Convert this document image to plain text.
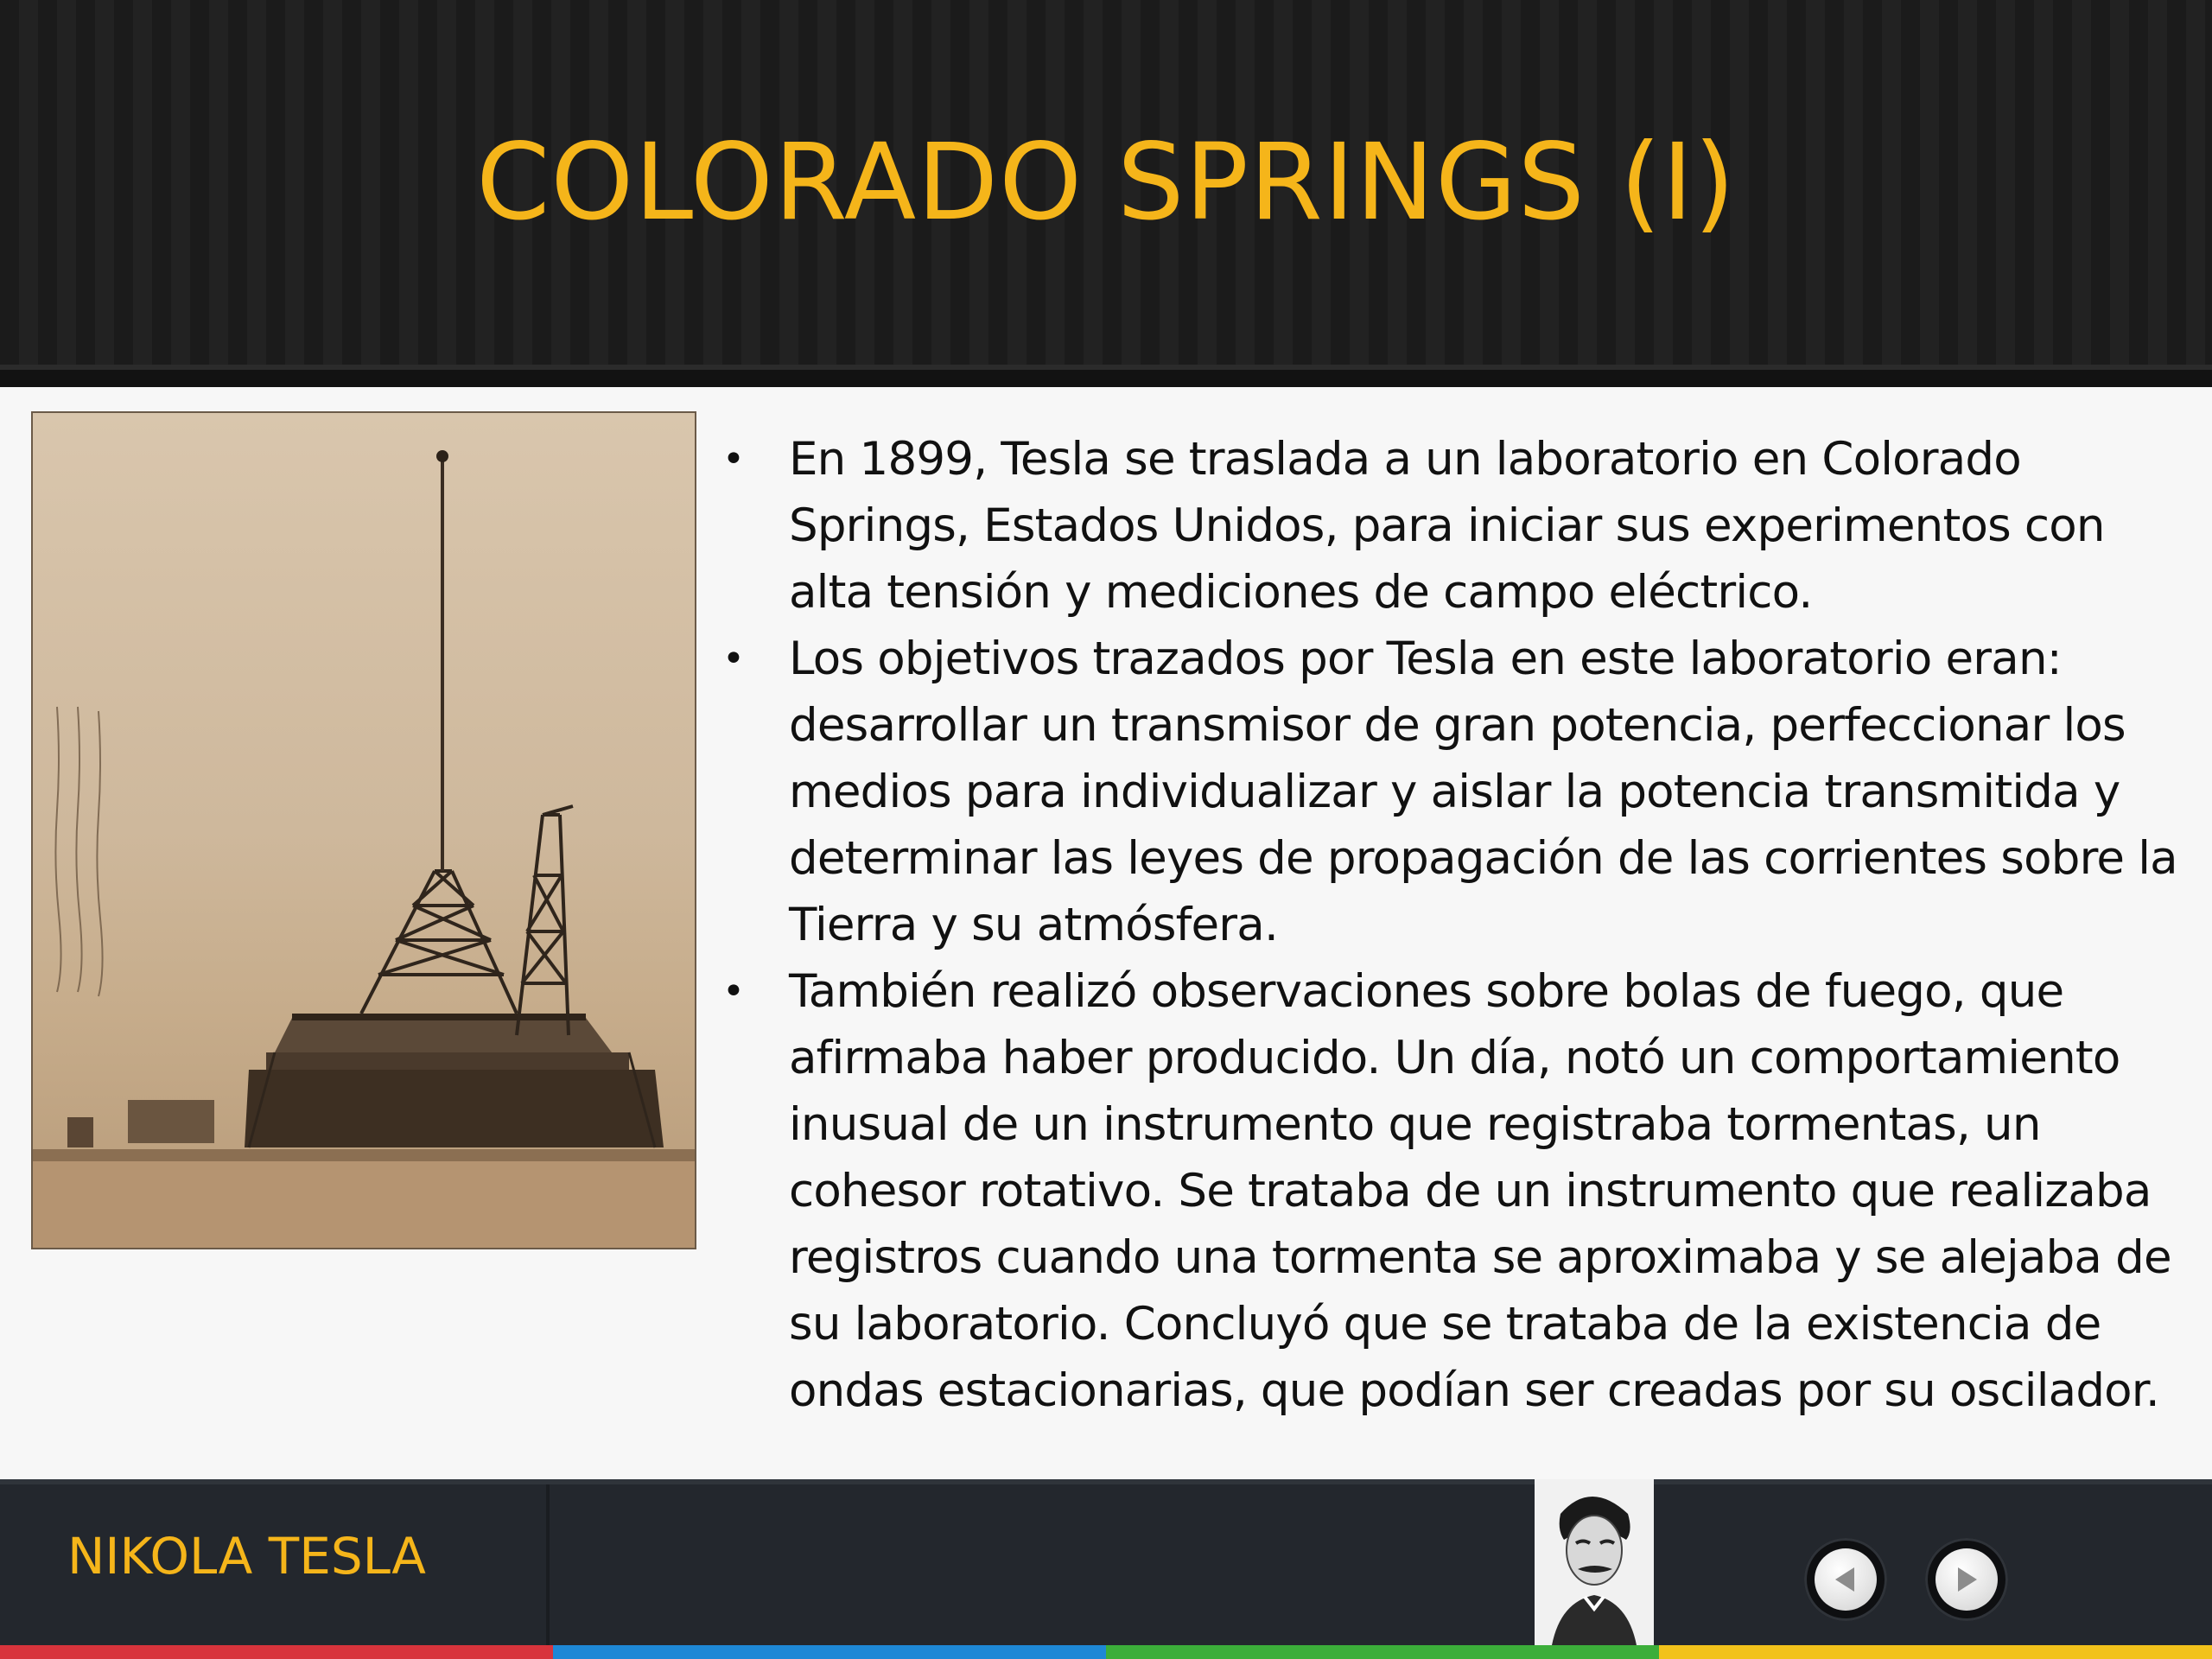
COLORADO SPRINGS (I)
• En 1899, Tesla se traslada a un laboratorio en Colorado Springs, Estados Unidos, para iniciar sus experimentos con alta tensión y mediciones de campo eléctrico.
• Los objetivos trazados por Tesla en este laboratorio eran: desarrollar un transmisor de gran potencia, perfeccionar los medios para individualizar y aislar la potencia transmitida y determinar las leyes de propagación de las corrientes sobre la Tierra y su atmósfera.
• También realizó observaciones sobre bolas de fuego, que afirmaba haber producido. Un día, notó un comportamiento inusual de un instrumento que registraba tormentas, un cohesor rotativo. Se trataba de un instrumento que realizaba registros cuando una tormenta se aproximaba y se alejaba de su laboratorio. Concluyó que se trataba de la existencia de ondas estacionarias, que podían ser creadas por su oscilador.
NIKOLA TESLA
